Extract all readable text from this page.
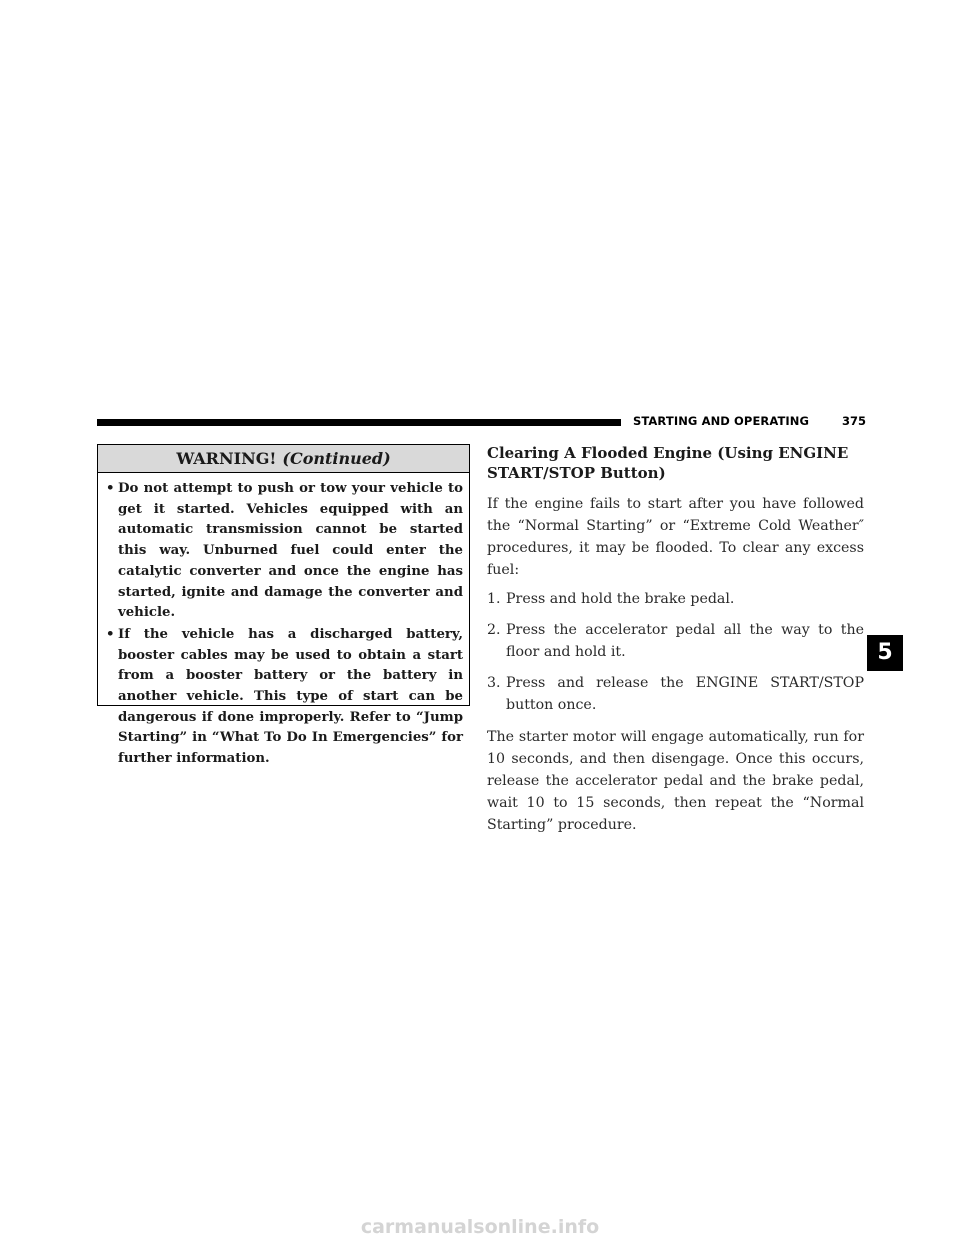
STARTING AND OPERATING	375
WARNING! (Continued)
• Do not attempt to push or tow your vehicle to get it started. Vehicles equipped with an automatic transmission cannot be started this way. Unburned fuel could enter the catalytic converter and once the engine has started, ignite and damage the converter and vehicle.
• If the vehicle has a discharged battery, booster cables may be used to obtain a start from a booster battery or the battery in another vehicle. This type of start can be dangerous if done improperly. Refer to “Jump Starting” in “What To Do In Emergencies” for further information.
Clearing A Flooded Engine (Using ENGINE START/STOP Button)

If the engine fails to start after you have followed the “Normal Starting” or “Extreme Cold Weather″ procedures, it may be flooded. To clear any excess fuel:

1. Press and hold the brake pedal.
2. Press the accelerator pedal all the way to the floor and hold it.
3. Press and release the ENGINE START/STOP button once.

The starter motor will engage automatically, run for 10 seconds, and then disengage. Once this occurs, release the accelerator pedal and the brake pedal, wait 10 to 15 seconds, then repeat the “Normal Starting” procedure.

5
carmanualsonline.info
